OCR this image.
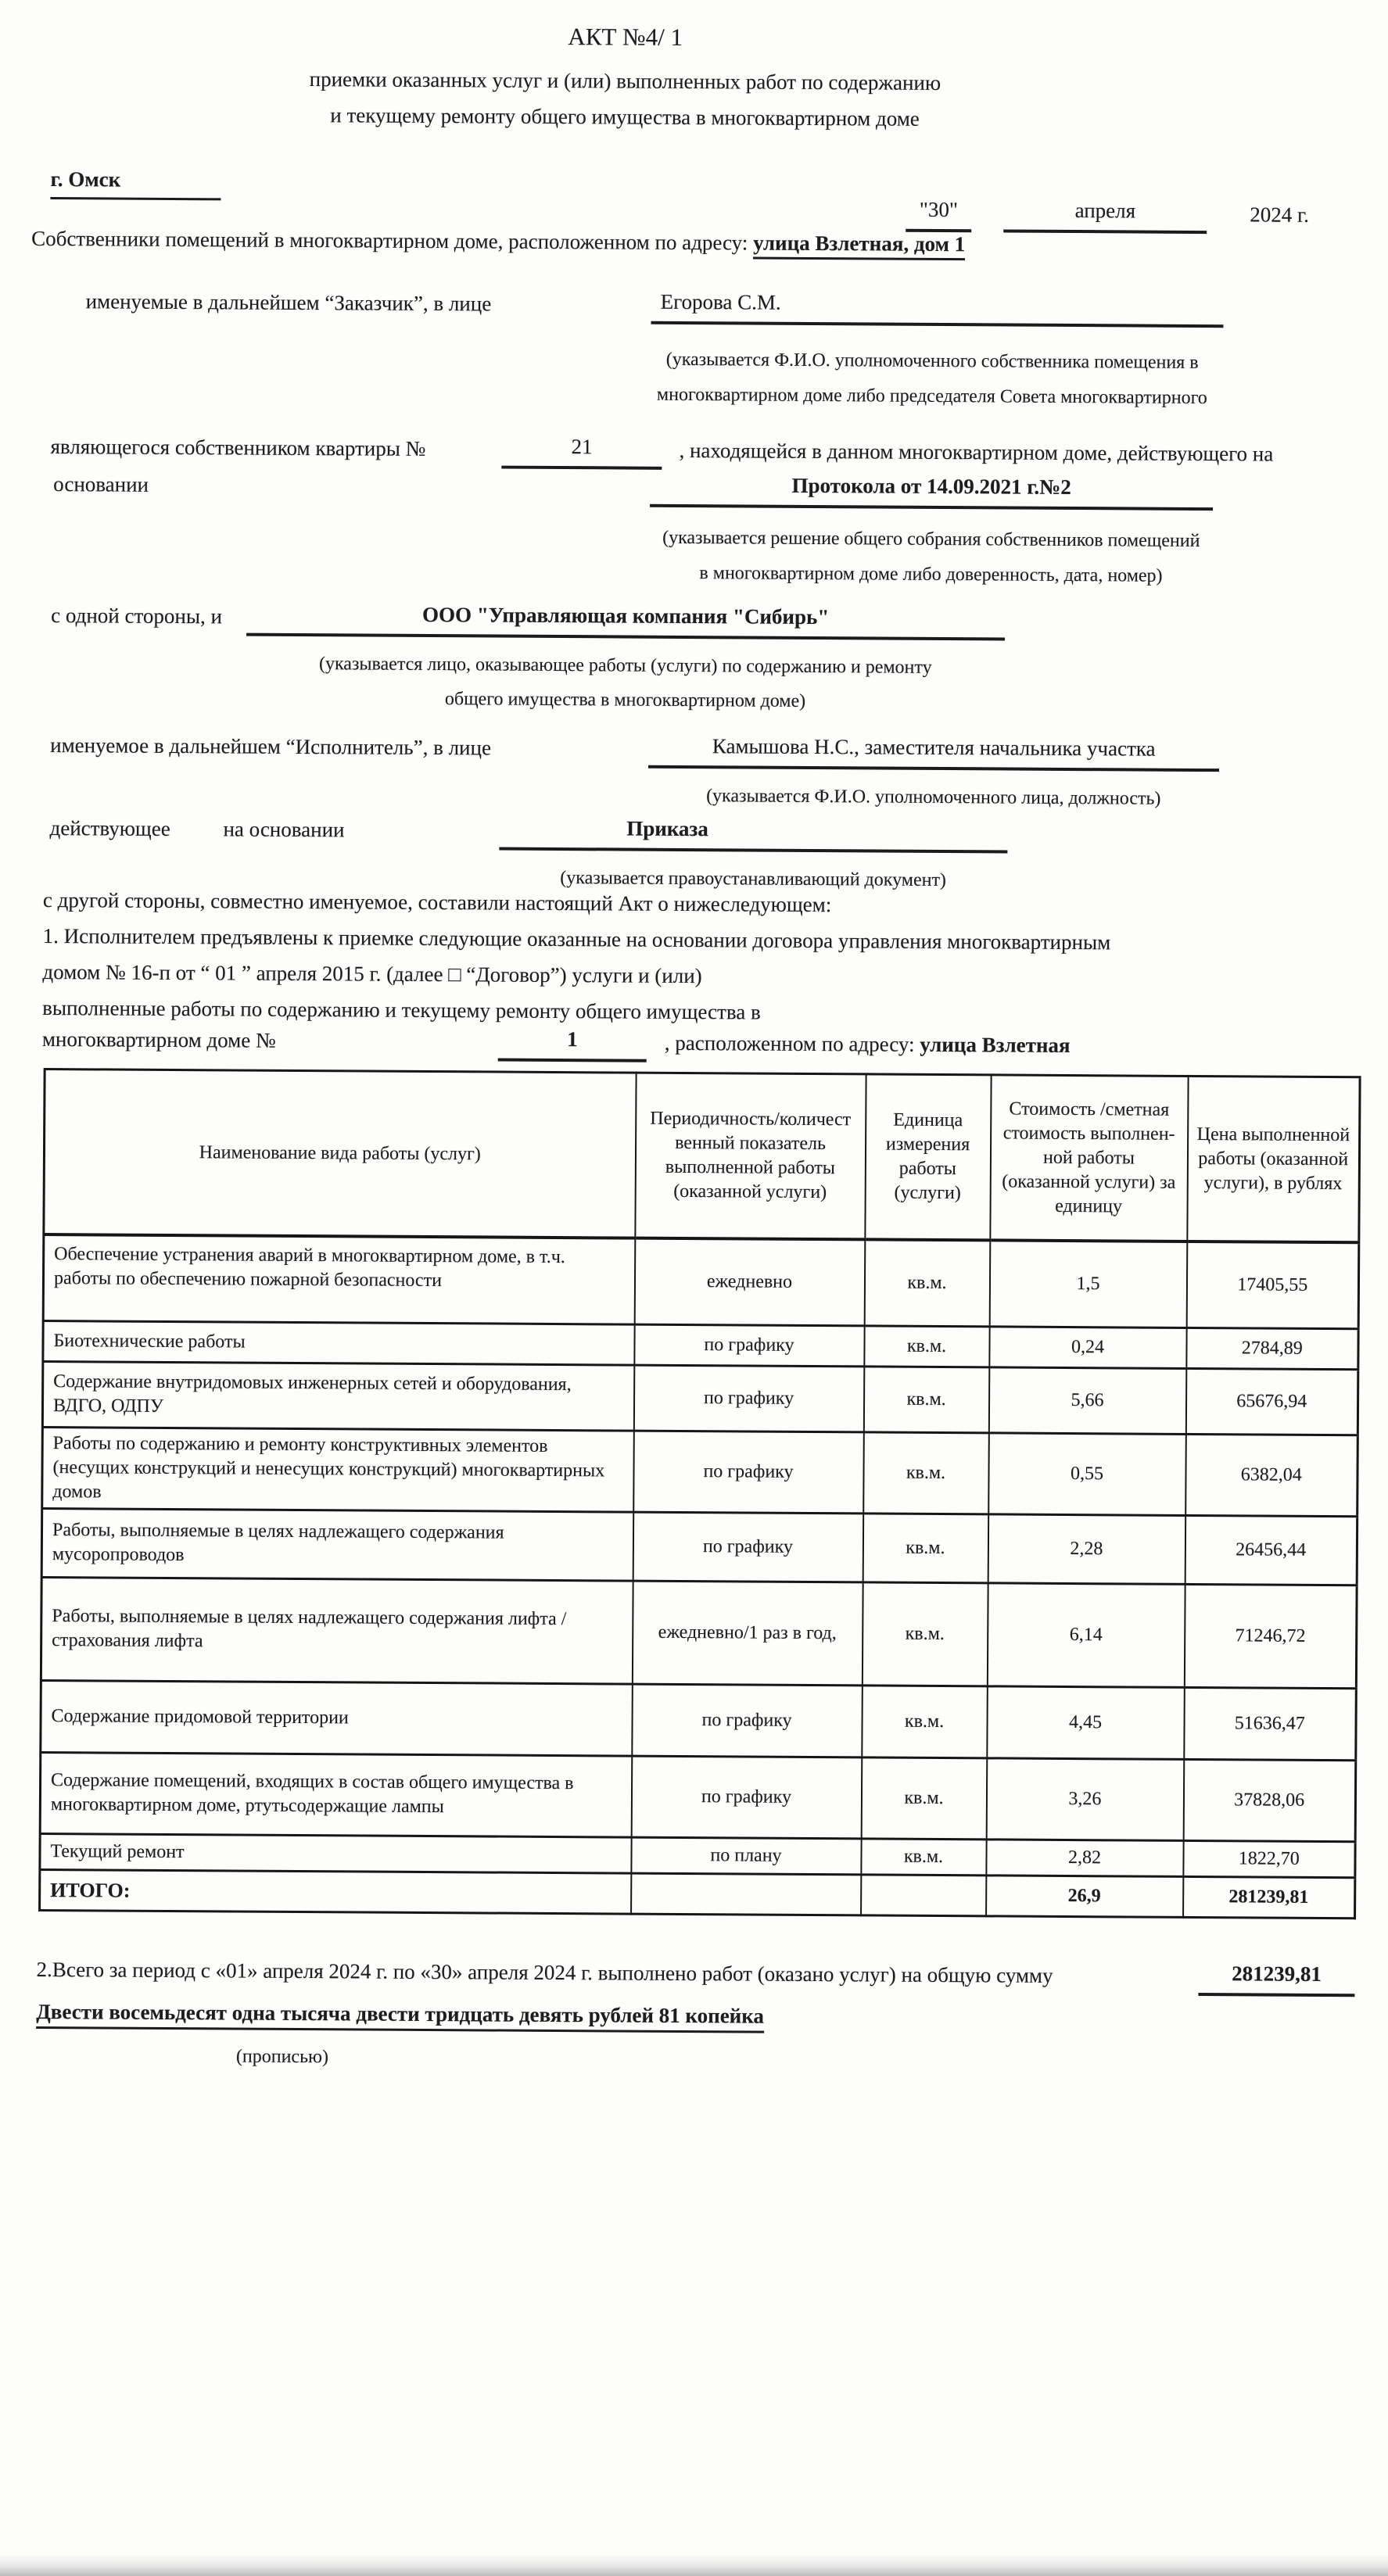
АКТ №4/ 1
приемки оказанных услуг и (или) выполненных работ по содержанию
и текущему ремонту общего имущества в многоквартирном доме
г. Омск
"30"	апреля	2024 г.
Собственники помещений в многоквартирном доме, расположенном по адресу: улица Взлетная, дом 1
именуемые в дальнейшем “Заказчик”, в лице	Егорова С.М.
(указывается Ф.И.О. уполномоченного собственника помещения в
многоквартирном доме либо председателя Совета многоквартирного
являющегося собственником квартиры №	21	, находящейся в данном многоквартирном доме, действующего на
основании	Протокола от 14.09.2021 г.№2
(указывается решение общего собрания собственников помещений
в многоквартирном доме либо доверенность, дата, номер)
с одной стороны, и	ООО "Управляющая компания "Сибирь"
(указывается лицо, оказывающее работы (услуги) по содержанию и ремонту
общего имущества в многоквартирном доме)
именуемое в дальнейшем “Исполнитель”, в лице	Камышова Н.С., заместителя начальника участка
(указывается Ф.И.О. уполномоченного лица, должность)
действующее	на основании	Приказа
(указывается правоустанавливающий документ)
с другой стороны, совместно именуемое, составили настоящий Акт о нижеследующем:
1. Исполнителем предъявлены к приемке следующие оказанные на основании договора управления многоквартирным
домом № 16-п от “ 01 ” апреля 2015 г. (далее □ “Договор”) услуги и (или)
выполненные работы по содержанию и текущему ремонту общего имущества в
многоквартирном доме №	1	, расположенном по адресу: улица Взлетная
Наименование вида работы (услуг)	Периодичность/количест венный показатель выполненной работы (оказанной услуги)	Единица измерения работы (услуги)	Стоимость /сметная стоимость выполнен-ной работы (оказанной услуги) за единицу	Цена выполненной работы (оказанной услуги), в рублях
Обеспечение устранения аварий в многоквартирном доме, в т.ч. работы по обеспечению пожарной безопасности	ежедневно	кв.м.	1,5	17405,55
Биотехнические работы	по графику	кв.м.	0,24	2784,89
Содержание внутридомовых инженерных сетей и оборудования, ВДГО, ОДПУ	по графику	кв.м.	5,66	65676,94
Работы по содержанию и ремонту конструктивных элементов (несущих конструкций и ненесущих конструкций) многоквартирных домов	по графику	кв.м.	0,55	6382,04
Работы, выполняемые в целях надлежащего содержания мусоропроводов	по графику	кв.м.	2,28	26456,44
Работы, выполняемые в целях надлежащего содержания лифта / страхования лифта	ежедневно/1 раз в год,	кв.м.	6,14	71246,72
Содержание придомовой территории	по графику	кв.м.	4,45	51636,47
Содержание помещений, входящих в состав общего имущества в многоквартирном доме, ртутьсодержащие лампы	по графику	кв.м.	3,26	37828,06
Текущий ремонт	по плану	кв.м.	2,82	1822,70
ИТОГО:			26,9	281239,81
2.Всего за период с «01» апреля 2024 г. по «30» апреля 2024 г. выполнено работ (оказано услуг) на общую сумму	281239,81
Двести восемьдесят одна тысяча двести тридцать девять рублей 81 копейка
(прописью)
